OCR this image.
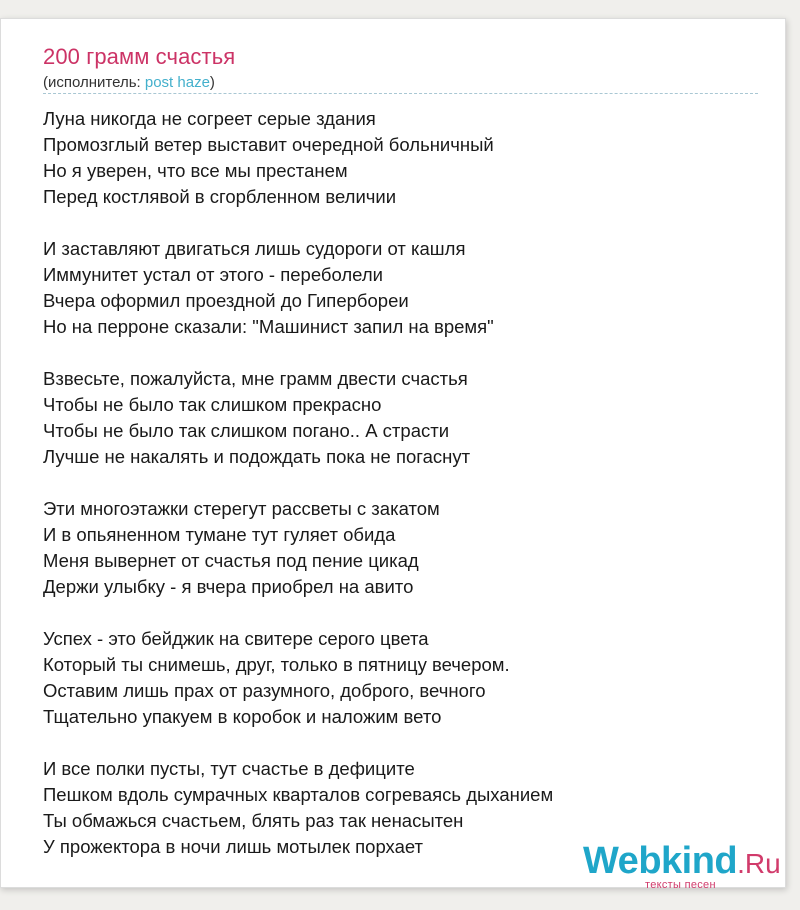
200 грамм счастья
(исполнитель: post haze)
Луна никогда не согреет серые здания
Промозглый ветер выставит очередной больничный
Но я уверен, что все мы престанем
Перед костлявой в сгорбленном величии
И заставляют двигаться лишь судороги от кашля
Иммунитет устал от этого - переболели
Вчера оформил проездной до Гипербореи
Но на перроне сказали: "Машинист запил на время"
Взвесьте, пожалуйста, мне грамм двести счастья
Чтобы не было так слишком прекрасно
Чтобы не было так слишком погано.. А страсти
Лучше не накалять и подождать пока не погаснут
Эти многоэтажки стерегут рассветы с закатом
И в опьяненном тумане тут гуляет обида
Меня вывернет от счастья под пение цикад
Держи улыбку - я вчера приобрел на авито
Успех - это бейджик на свитере серого цвета
Который ты снимешь, друг, только в пятницу вечером.
Оставим лишь прах от разумного, доброго, вечного
Тщательно упакуем в коробок и наложим вето
И все полки пусты, тут счастье в дефиците
Пешком вдоль сумрачных кварталов согреваясь дыханием
Ты обмажься счастьем, блять раз так ненасытен
У прожектора в ночи лишь мотылек порхает	Webkind.Ru
тексты песен
